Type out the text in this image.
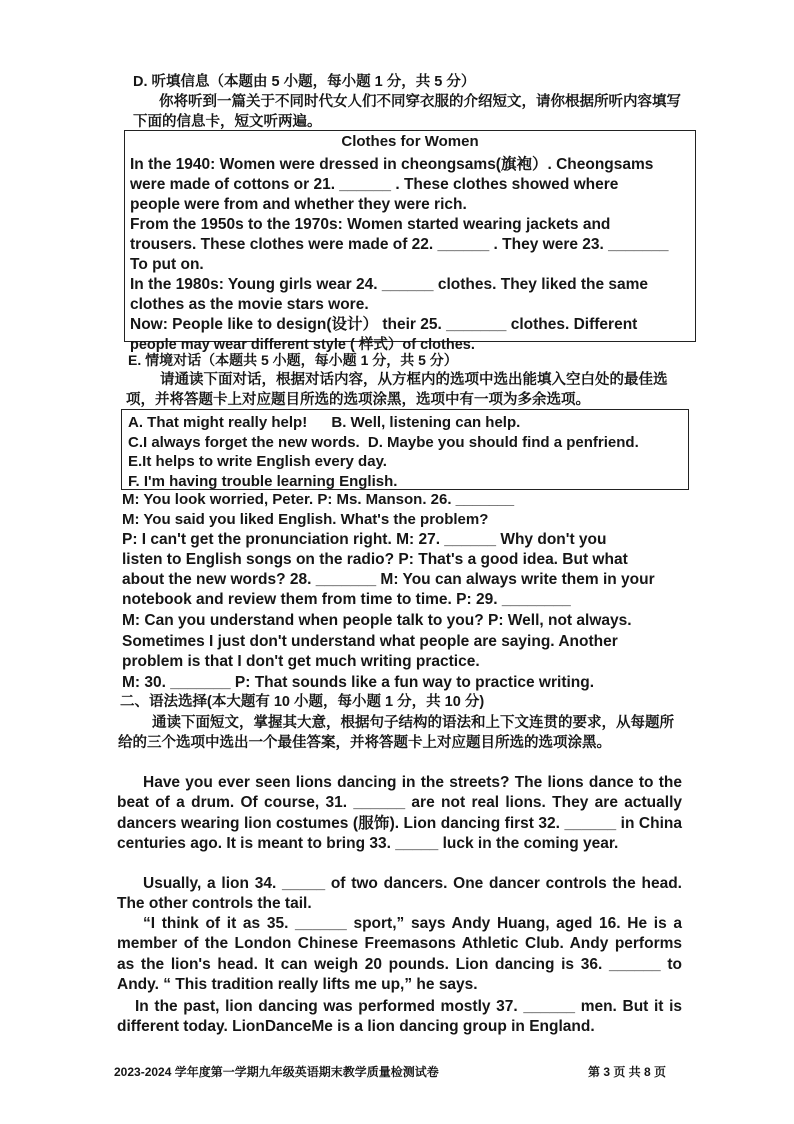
D. 听填信息（本题由 5 小题，每小题 1 分，共 5 分）
你将听到一篇关于不同时代女人们不同穿衣服的介绍短文，请你根据所听内容填写下面的信息卡，短文听两遍。
Clothes for Women
In the 1940: Women were dressed in cheongsams(旗袍）. Cheongsams
were made of cottons or 21. ______ . These clothes showed where
people were from and whether they were rich.
From the 1950s to the 1970s: Women started wearing jackets and
trousers. These clothes were made of 22. ______ . They were 23. _______
To put on.
In the 1980s: Young girls wear 24. ______ clothes. They liked the same
clothes as the movie stars wore.
Now: People like to design(设计） their 25. _______ clothes. Different
people may wear different style ( 样式）of clothes.
E. 情境对话（本题共 5 小题，每小题 1 分，共 5 分）
请通读下面对话，根据对话内容，从方框内的选项中选出能填入空白处的最佳选项，并将答题卡上对应题目所选的选项涂黑，选项中有一项为多余选项。
A. That might really help! B. Well, listening can help.
C.I always forget the new words. D. Maybe you should find a penfriend.
E.It helps to write English every day.
F. I'm having trouble learning English.
M: You look worried, Peter. P: Ms. Manson. 26. _______
M: You said you liked English. What's the problem?
P: I can't get the pronunciation right. M: 27. ______ Why don't you
listen to English songs on the radio? P: That's a good idea. But what
about the new words? 28. _______ M: You can always write them in your
notebook and review them from time to time. P: 29. ________
M: Can you understand when people talk to you? P: Well, not always.
Sometimes I just don't understand what people are saying. Another
problem is that I don't get much writing practice.
M: 30. _______ P: That sounds like a fun way to practice writing.
二、语法选择(本大题有 10 小题，每小题 1 分，共 10 分)
通读下面短文，掌握其大意，根据句子结构的语法和上下文连贯的要求，从每题所给的三个选项中选出一个最佳答案，并将答题卡上对应题目所选的选项涂黑。
Have you ever seen lions dancing in the streets? The lions dance to the beat of a drum. Of course, 31. ______ are not real lions. They are actually dancers wearing lion costumes (服饰). Lion dancing first 32. ______ in China centuries ago. It is meant to bring 33. _____ luck in the coming year.
Usually, a lion 34. _____ of two dancers. One dancer controls the head. The other controls the tail.
“I think of it as 35. ______ sport,” says Andy Huang, aged 16. He is a member of the London Chinese Freemasons Athletic Club. Andy performs as the lion's head. It can weigh 20 pounds. Lion dancing is 36. ______ to Andy. “ This tradition really lifts me up,” he says.
In the past, lion dancing was performed mostly 37. ______ men. But it is different today. LionDanceMe is a lion dancing group in England.
2023-2024 学年度第一学期九年级英语期末教学质量检测试卷	第 3 页 共 8 页
